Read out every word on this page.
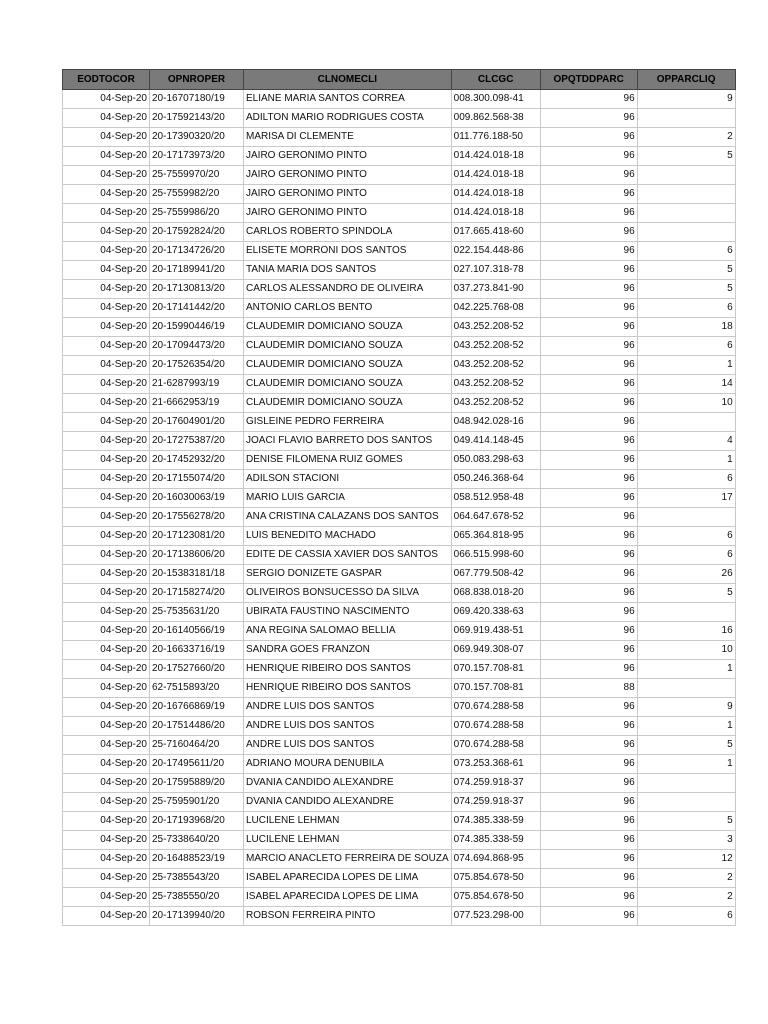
EODTOCOR	OPNROPER	CLNOMECLI	CLCGC	OPQTDDPARC	OPPARCLIQ
04-Sep-20	20-16707180/19	ELIANE MARIA SANTOS CORREA	008.300.098-41	96	9
04-Sep-20	20-17592143/20	ADILTON MARIO RODRIGUES COSTA	009.862.568-38	96	
04-Sep-20	20-17390320/20	MARISA DI CLEMENTE	011.776.188-50	96	2
04-Sep-20	20-17173973/20	JAIRO GERONIMO PINTO	014.424.018-18	96	5
04-Sep-20	25-7559970/20	JAIRO GERONIMO PINTO	014.424.018-18	96	
04-Sep-20	25-7559982/20	JAIRO GERONIMO PINTO	014.424.018-18	96	
04-Sep-20	25-7559986/20	JAIRO GERONIMO PINTO	014.424.018-18	96	
04-Sep-20	20-17592824/20	CARLOS ROBERTO SPINDOLA	017.665.418-60	96	
04-Sep-20	20-17134726/20	ELISETE MORRONI DOS SANTOS	022.154.448-86	96	6
04-Sep-20	20-17189941/20	TANIA MARIA DOS SANTOS	027.107.318-78	96	5
04-Sep-20	20-17130813/20	CARLOS ALESSANDRO DE OLIVEIRA	037.273.841-90	96	5
04-Sep-20	20-17141442/20	ANTONIO CARLOS BENTO	042.225.768-08	96	6
04-Sep-20	20-15990446/19	CLAUDEMIR DOMICIANO SOUZA	043.252.208-52	96	18
04-Sep-20	20-17094473/20	CLAUDEMIR DOMICIANO SOUZA	043.252.208-52	96	6
04-Sep-20	20-17526354/20	CLAUDEMIR DOMICIANO SOUZA	043.252.208-52	96	1
04-Sep-20	21-6287993/19	CLAUDEMIR DOMICIANO SOUZA	043.252.208-52	96	14
04-Sep-20	21-6662953/19	CLAUDEMIR DOMICIANO SOUZA	043.252.208-52	96	10
04-Sep-20	20-17604901/20	GISLEINE PEDRO FERREIRA	048.942.028-16	96	
04-Sep-20	20-17275387/20	JOACI FLAVIO BARRETO DOS SANTOS	049.414.148-45	96	4
04-Sep-20	20-17452932/20	DENISE FILOMENA RUIZ GOMES	050.083.298-63	96	1
04-Sep-20	20-17155074/20	ADILSON STACIONI	050.246.368-64	96	6
04-Sep-20	20-16030063/19	MARIO LUIS GARCIA	058.512.958-48	96	17
04-Sep-20	20-17556278/20	ANA CRISTINA CALAZANS DOS SANTOS	064.647.678-52	96	
04-Sep-20	20-17123081/20	LUIS BENEDITO MACHADO	065.364.818-95	96	6
04-Sep-20	20-17138606/20	EDITE DE CASSIA XAVIER DOS SANTOS	066.515.998-60	96	6
04-Sep-20	20-15383181/18	SERGIO DONIZETE GASPAR	067.779.508-42	96	26
04-Sep-20	20-17158274/20	OLIVEIROS BONSUCESSO DA SILVA	068.838.018-20	96	5
04-Sep-20	25-7535631/20	UBIRATA FAUSTINO NASCIMENTO	069.420.338-63	96	
04-Sep-20	20-16140566/19	ANA REGINA SALOMAO BELLIA	069.919.438-51	96	16
04-Sep-20	20-16633716/19	SANDRA GOES FRANZON	069.949.308-07	96	10
04-Sep-20	20-17527660/20	HENRIQUE RIBEIRO DOS SANTOS	070.157.708-81	96	1
04-Sep-20	62-7515893/20	HENRIQUE RIBEIRO DOS SANTOS	070.157.708-81	88	
04-Sep-20	20-16766869/19	ANDRE LUIS DOS SANTOS	070.674.288-58	96	9
04-Sep-20	20-17514486/20	ANDRE LUIS DOS SANTOS	070.674.288-58	96	1
04-Sep-20	25-7160464/20	ANDRE LUIS DOS SANTOS	070.674.288-58	96	5
04-Sep-20	20-17495611/20	ADRIANO MOURA DENUBILA	073.253.368-61	96	1
04-Sep-20	20-17595889/20	DVANIA CANDIDO ALEXANDRE	074.259.918-37	96	
04-Sep-20	25-7595901/20	DVANIA CANDIDO ALEXANDRE	074.259.918-37	96	
04-Sep-20	20-17193968/20	LUCILENE LEHMAN	074.385.338-59	96	5
04-Sep-20	25-7338640/20	LUCILENE LEHMAN	074.385.338-59	96	3
04-Sep-20	20-16488523/19	MARCIO ANACLETO FERREIRA DE SOUZA	074.694.868-95	96	12
04-Sep-20	25-7385543/20	ISABEL APARECIDA LOPES DE LIMA	075.854.678-50	96	2
04-Sep-20	25-7385550/20	ISABEL APARECIDA LOPES DE LIMA	075.854.678-50	96	2
04-Sep-20	20-17139940/20	ROBSON FERREIRA PINTO	077.523.298-00	96	6
